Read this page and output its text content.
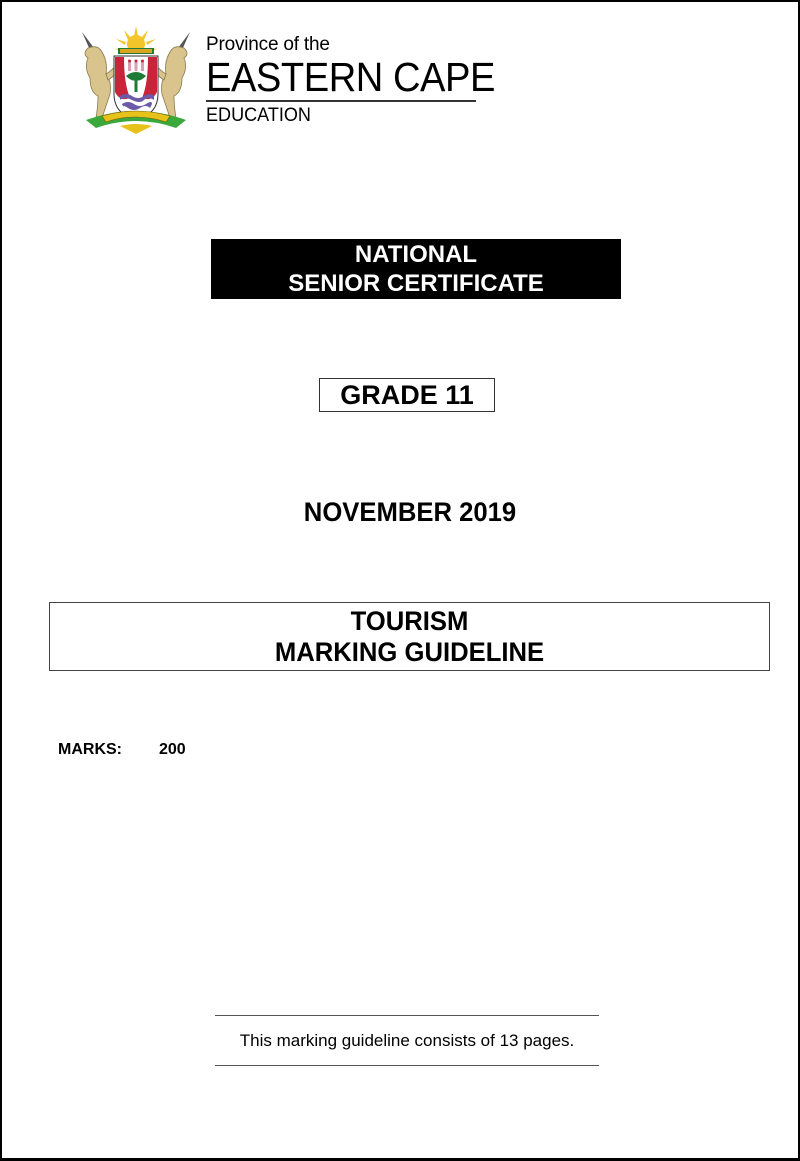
Province of the
EASTERN CAPE
EDUCATION
NATIONAL
SENIOR CERTIFICATE
GRADE 11
NOVEMBER 2019
TOURISM
MARKING GUIDELINE
MARKS: 200
This marking guideline consists of 13 pages.
